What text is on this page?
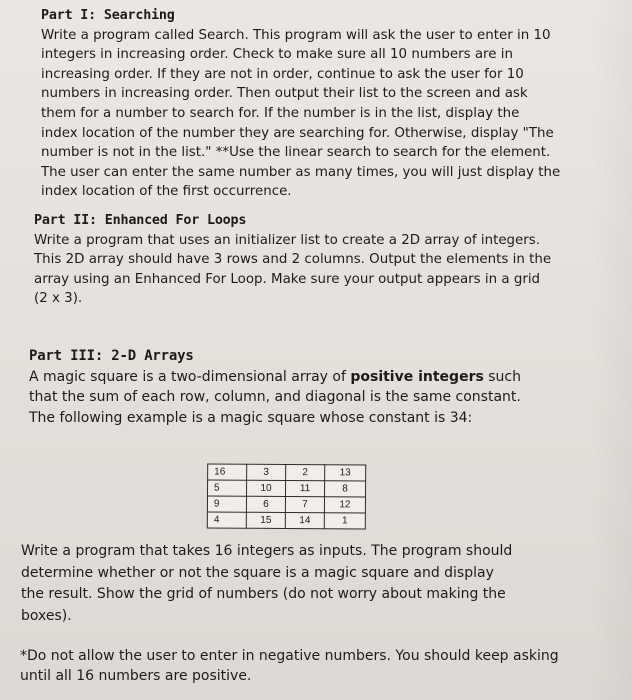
Part I: Searching
Write a program called Search. This program will ask the user to enter in 10
integers in increasing order. Check to make sure all 10 numbers are in
increasing order. If they are not in order, continue to ask the user for 10
numbers in increasing order. Then output their list to the screen and ask
them for a number to search for. If the number is in the list, display the
index location of the number they are searching for. Otherwise, display "The
number is not in the list." **Use the linear search to search for the element.
The user can enter the same number as many times, you will just display the
index location of the first occurrence.
Part II: Enhanced For Loops
Write a program that uses an initializer list to create a 2D array of integers.
This 2D array should have 3 rows and 2 columns. Output the elements in the
array using an Enhanced For Loop. Make sure your output appears in a grid
(2 x 3).
Part III: 2-D Arrays
A magic square is a two-dimensional array of positive integers such
that the sum of each row, column, and diagonal is the same constant.
The following example is a magic square whose constant is 34:
16	3	2	13
5	10	11	8
9	6	7	12
4	15	14	1
Write a program that takes 16 integers as inputs. The program should
determine whether or not the square is a magic square and display
the result. Show the grid of numbers (do not worry about making the
boxes).
*Do not allow the user to enter in negative numbers. You should keep asking
until all 16 numbers are positive.
